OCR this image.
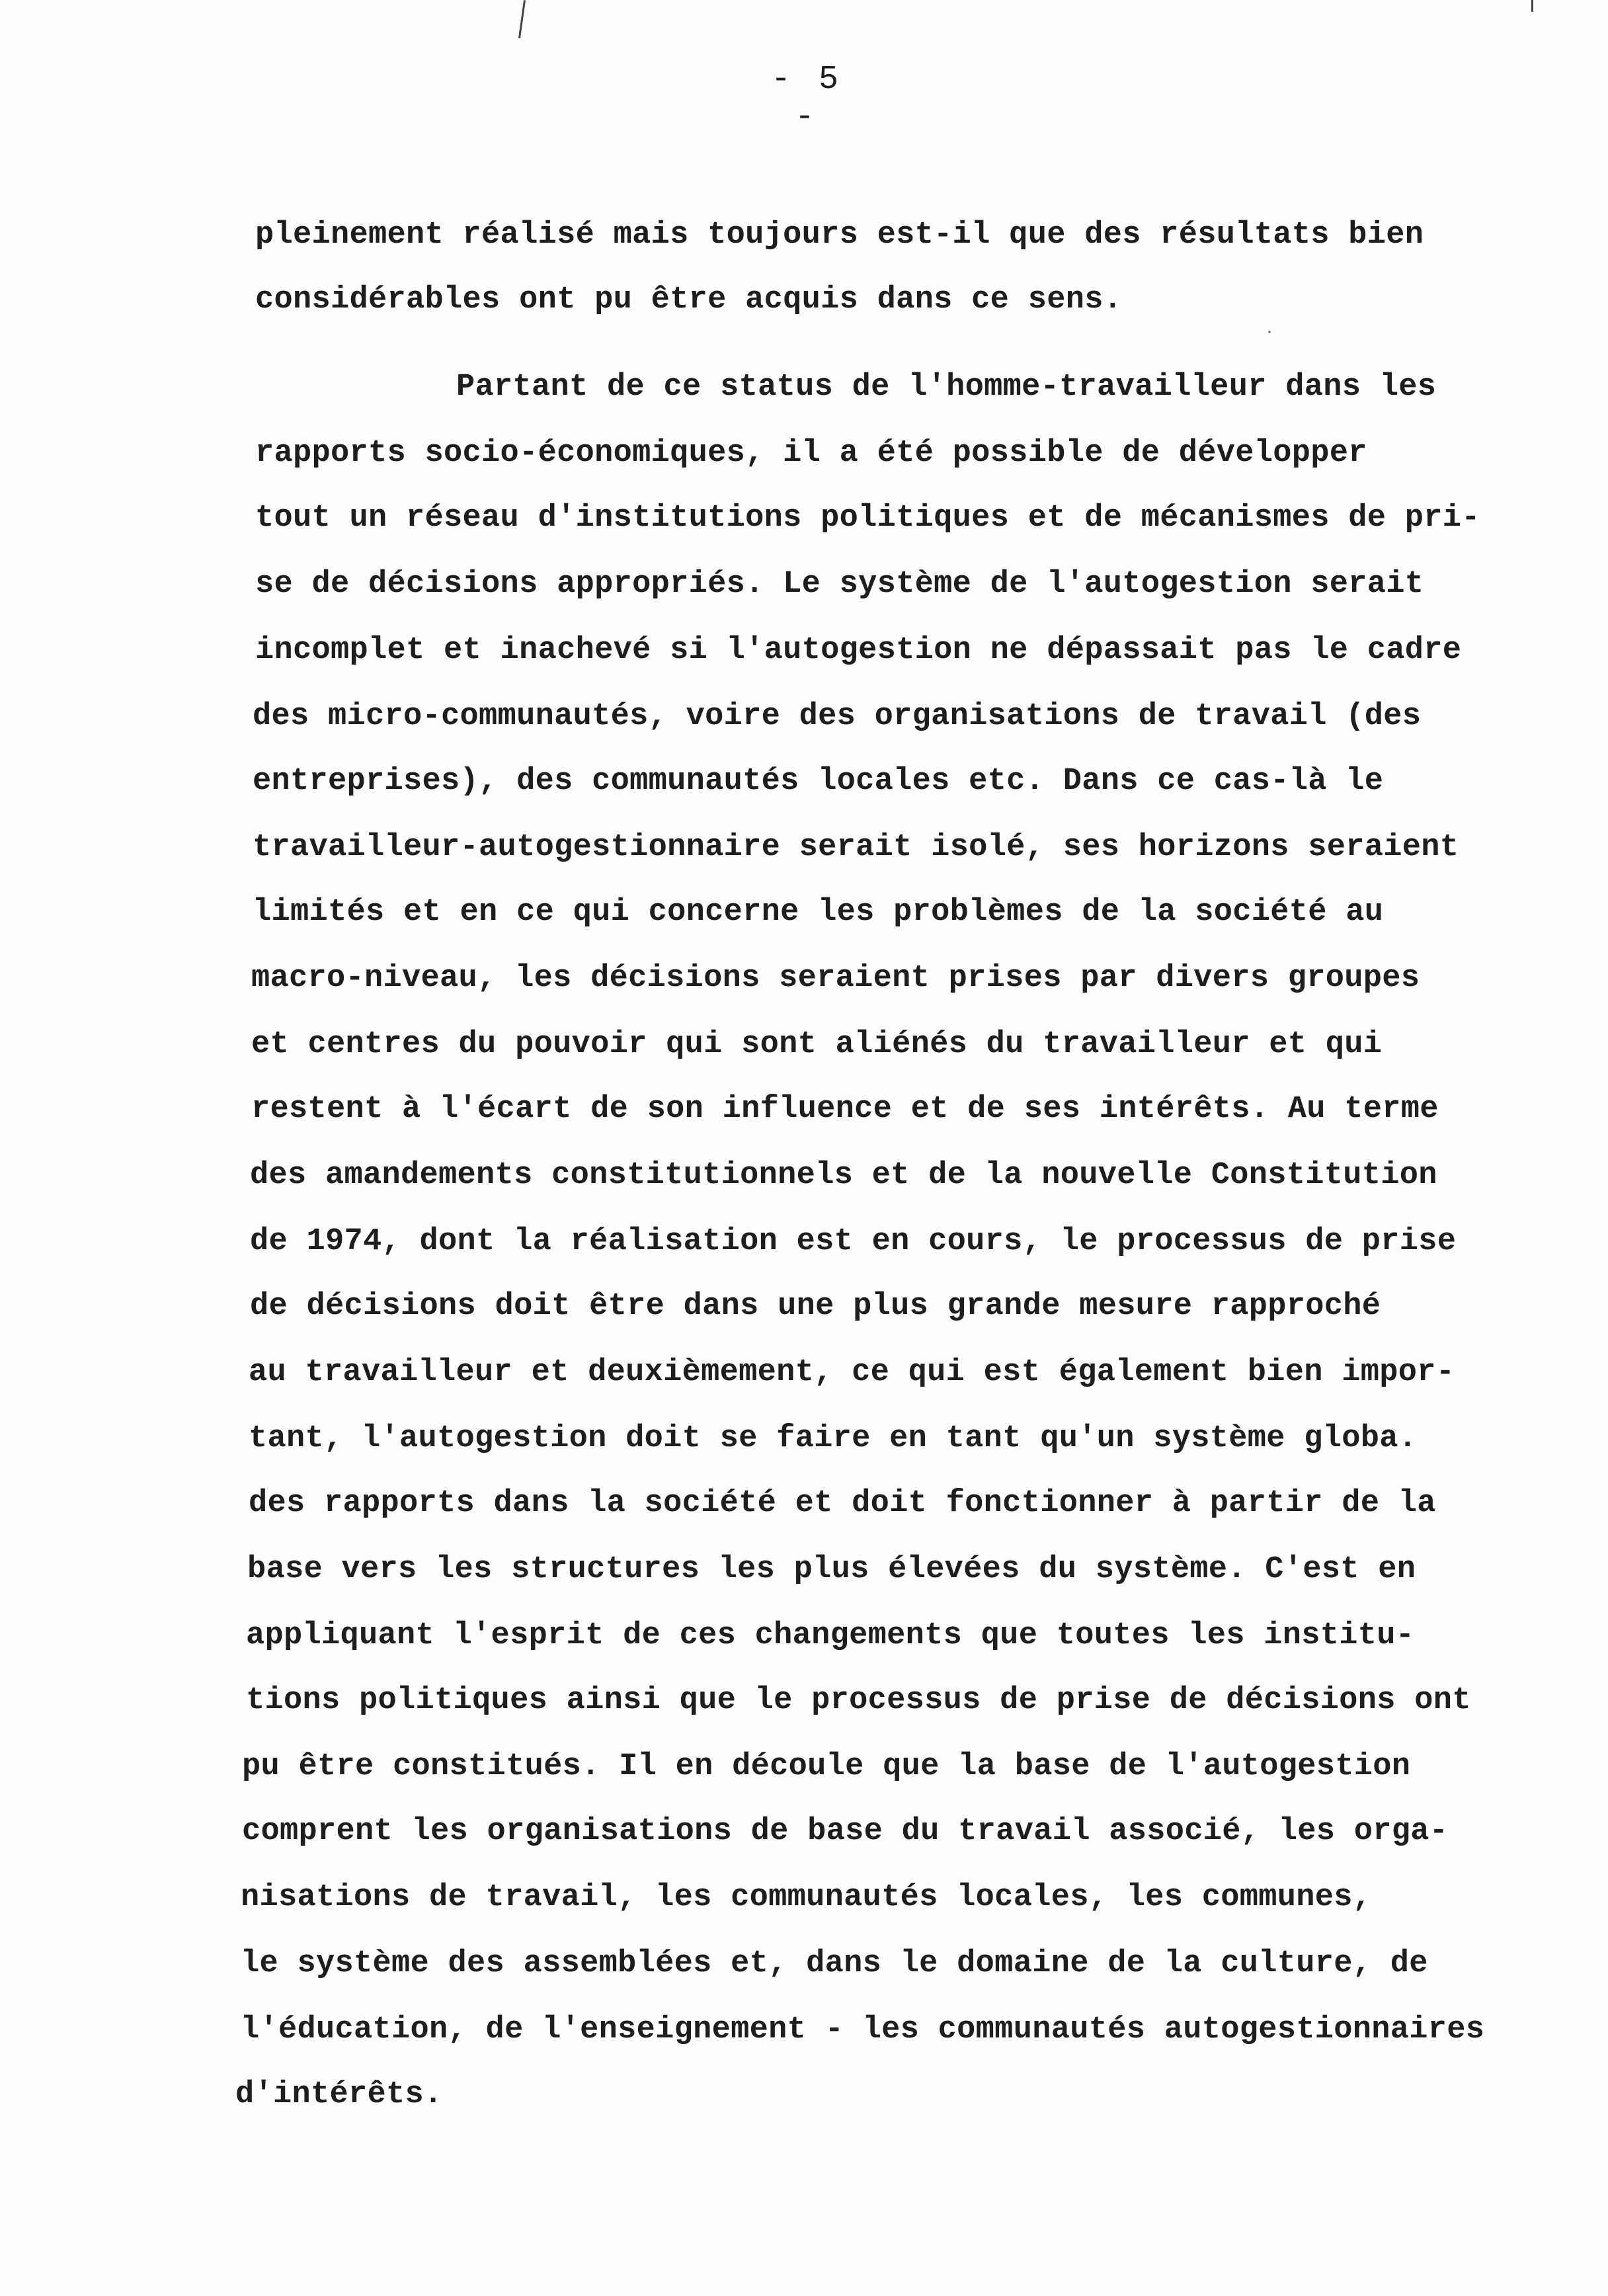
- 5 -
pleinement réalisé mais toujours est-il que des résultats bien
considérables ont pu être acquis dans ce sens.
Partant de ce status de l'homme-travailleur dans les
rapports socio-économiques, il a été possible de développer
tout un réseau d'institutions politiques et de mécanismes de pri-
se de décisions appropriés. Le système de l'autogestion serait
incomplet et inachevé si l'autogestion ne dépassait pas le cadre
des micro-communautés, voire des organisations de travail (des
entreprises), des communautés locales etc. Dans ce cas-là le
travailleur-autogestionnaire serait isolé, ses horizons seraient
limités et en ce qui concerne les problèmes de la société au
macro-niveau, les décisions seraient prises par divers groupes
et centres du pouvoir qui sont aliénés du travailleur et qui
restent à l'écart de son influence et de ses intérêts. Au terme
des amandements constitutionnels et de la nouvelle Constitution
de 1974, dont la réalisation est en cours, le processus de prise
de décisions doit être dans une plus grande mesure rapproché
au travailleur et deuxièmement, ce qui est également bien impor-
tant, l'autogestion doit se faire en tant qu'un système globa.
des rapports dans la société et doit fonctionner à partir de la
base vers les structures les plus élevées du système. C'est en
appliquant l'esprit de ces changements que toutes les institu-
tions politiques ainsi que le processus de prise de décisions ont
pu être constitués. Il en découle que la base de l'autogestion
comprent les organisations de base du travail associé, les orga-
nisations de travail, les communautés locales, les communes,
le système des assemblées et, dans le domaine de la culture, de
l'éducation, de l'enseignement - les communautés autogestionnaires
d'intérêts.
